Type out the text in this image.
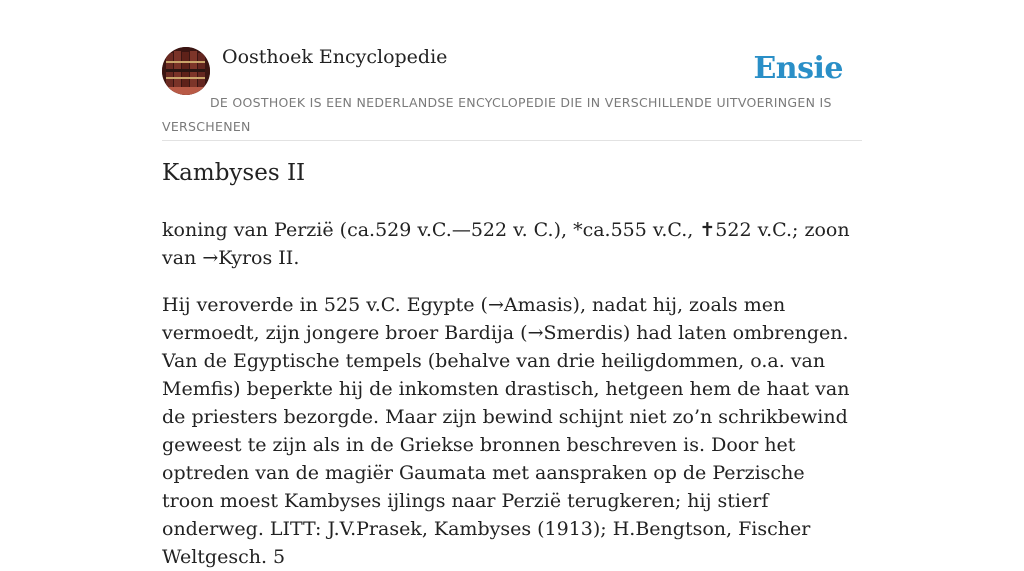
Oosthoek Encyclopedie	Ensie
DE OOSTHOEK IS EEN NEDERLANDSE ENCYCLOPEDIE DIE IN VERSCHILLENDE UITVOERINGEN IS VERSCHENEN
Kambyses II

koning van Perzië (ca.529 v.C.—522 v. C.), *ca.555 v.C., ✝522 v.C.; zoon van →Kyros II.

Hij veroverde in 525 v.C. Egypte (→Amasis), nadat hij, zoals men vermoedt, zijn jongere broer Bardija (→Smerdis) had laten ombrengen. Van de Egyptische tempels (behalve van drie heiligdommen, o.a. van Memfis) beperkte hij de inkomsten drastisch, hetgeen hem de haat van de priesters bezorgde. Maar zijn bewind schijnt niet zo’n schrikbewind geweest te zijn als in de Griekse bronnen beschreven is. Door het optreden van de magiër Gaumata met aanspraken op de Perzische troon moest Kambyses ijlings naar Perzië terugkeren; hij stierf onderweg. LITT: J.V.Prasek, Kambyses (1913); H.Bengtson, Fischer Weltgesch. 5
